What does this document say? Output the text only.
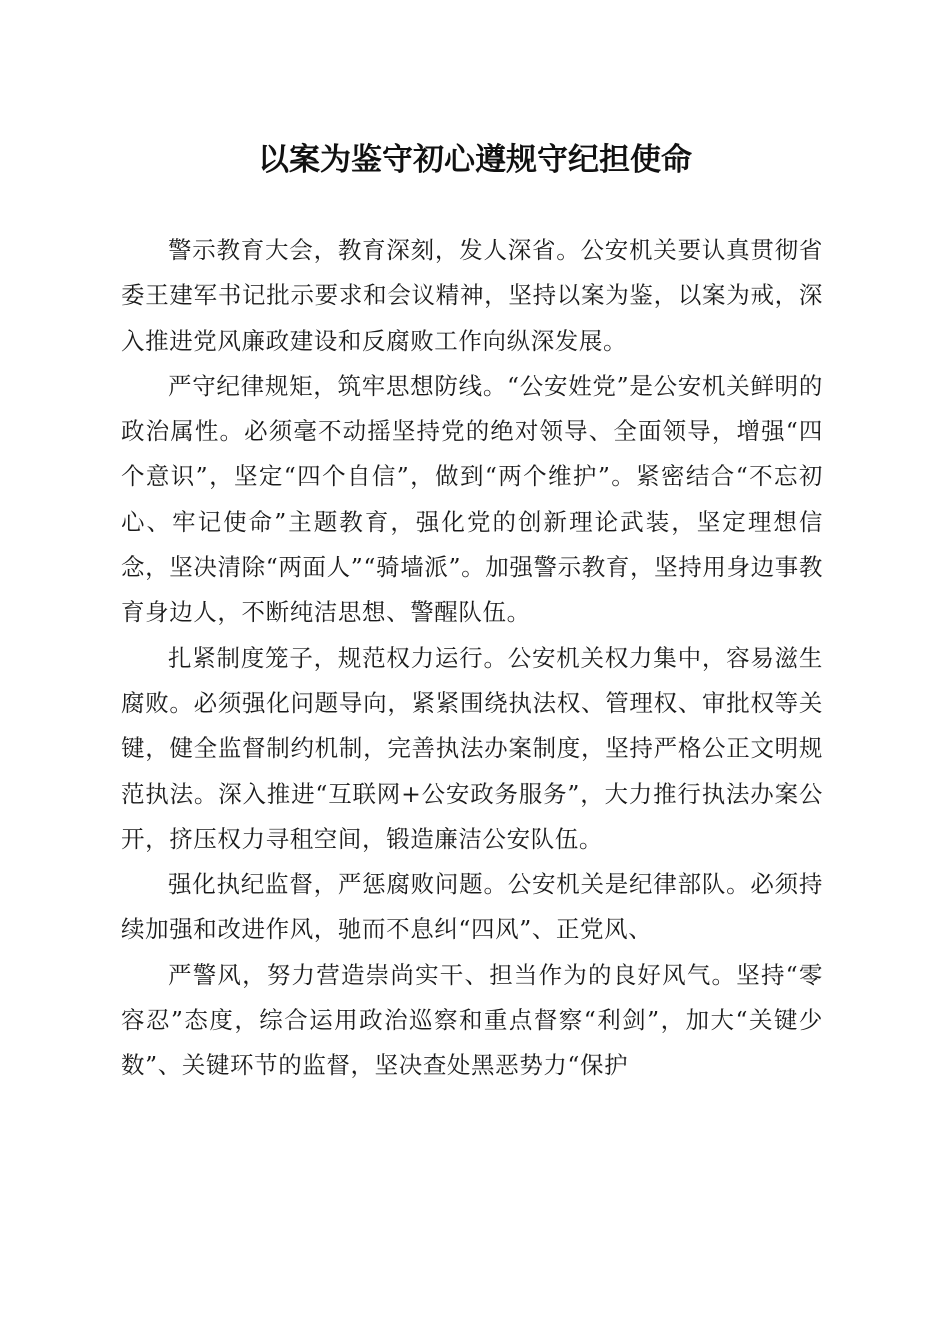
以案为鉴守初心遵规守纪担使命

警示教育大会，教育深刻，发人深省。公安机关要认真贯彻省委王建军书记批示要求和会议精神，坚持以案为鉴，以案为戒，深入推进党风廉政建设和反腐败工作向纵深发展。

严守纪律规矩，筑牢思想防线。“公安姓党”是公安机关鲜明的政治属性。必须毫不动摇坚持党的绝对领导、全面领导，增强“四个意识”，坚定“四个自信”，做到“两个维护”。紧密结合“不忘初心、牢记使命”主题教育，强化党的创新理论武装，坚定理想信念，坚决清除“两面人”“骑墙派”。加强警示教育，坚持用身边事教育身边人，不断纯洁思想、警醒队伍。

扎紧制度笼子，规范权力运行。公安机关权力集中，容易滋生腐败。必须强化问题导向，紧紧围绕执法权、管理权、审批权等关键，健全监督制约机制，完善执法办案制度，坚持严格公正文明规范执法。深入推进“互联网+公安政务服务”，大力推行执法办案公开，挤压权力寻租空间，锻造廉洁公安队伍。

强化执纪监督，严惩腐败问题。公安机关是纪律部队。必须持续加强和改进作风，驰而不息纠“四风”、正党风、

严警风，努力营造崇尚实干、担当作为的良好风气。坚持“零容忍”态度，综合运用政治巡察和重点督察“利剑”，加大“关键少数”、关键环节的监督，坚决查处黑恶势力“保护
